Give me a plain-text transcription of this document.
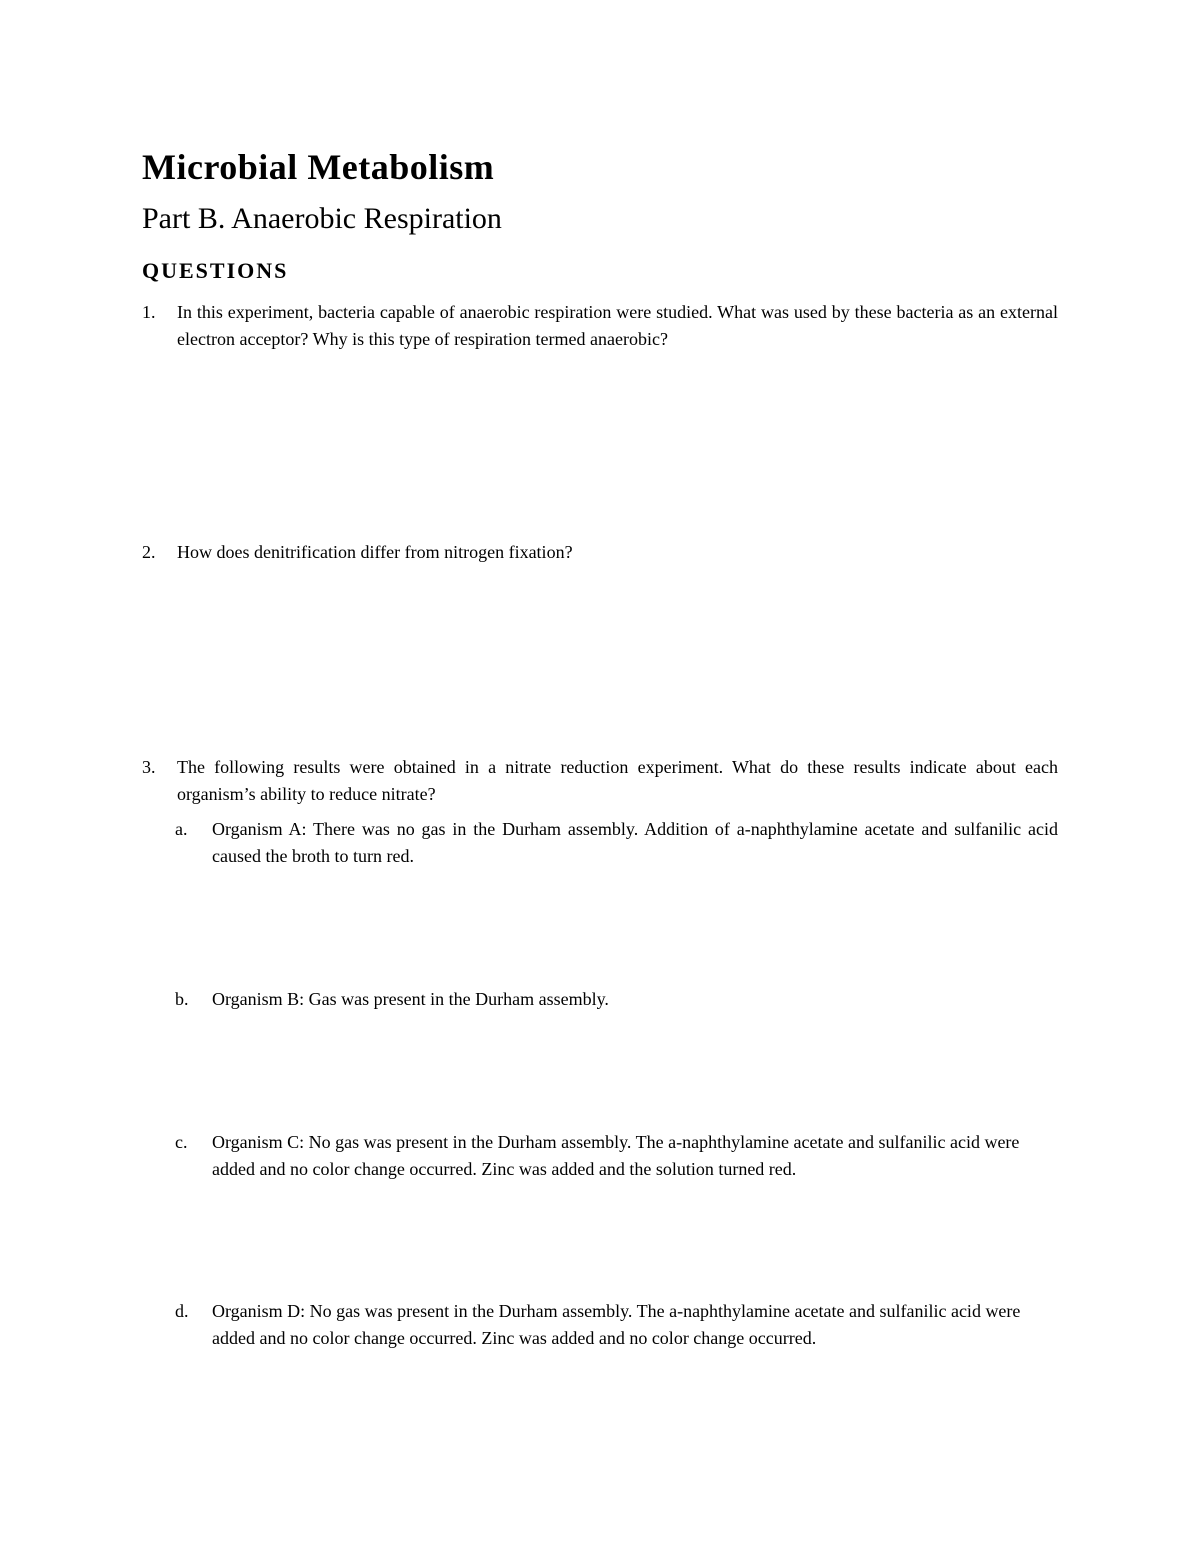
Microbial Metabolism
Part B. Anaerobic Respiration
QUESTIONS
1. In this experiment, bacteria capable of anaerobic respiration were studied. What was used by these bacteria as an external electron acceptor? Why is this type of respiration termed anaerobic?
2. How does denitrification differ from nitrogen fixation?
3. The following results were obtained in a nitrate reduction experiment. What do these results indicate about each organism’s ability to reduce nitrate?
a. Organism A: There was no gas in the Durham assembly. Addition of a-naphthylamine acetate and sulfanilic acid caused the broth to turn red.
b. Organism B: Gas was present in the Durham assembly.
c. Organism C: No gas was present in the Durham assembly. The a-naphthylamine acetate and sulfanilic acid were added and no color change occurred. Zinc was added and the solution turned red.
d. Organism D: No gas was present in the Durham assembly. The a-naphthylamine acetate and sulfanilic acid were added and no color change occurred. Zinc was added and no color change occurred.
